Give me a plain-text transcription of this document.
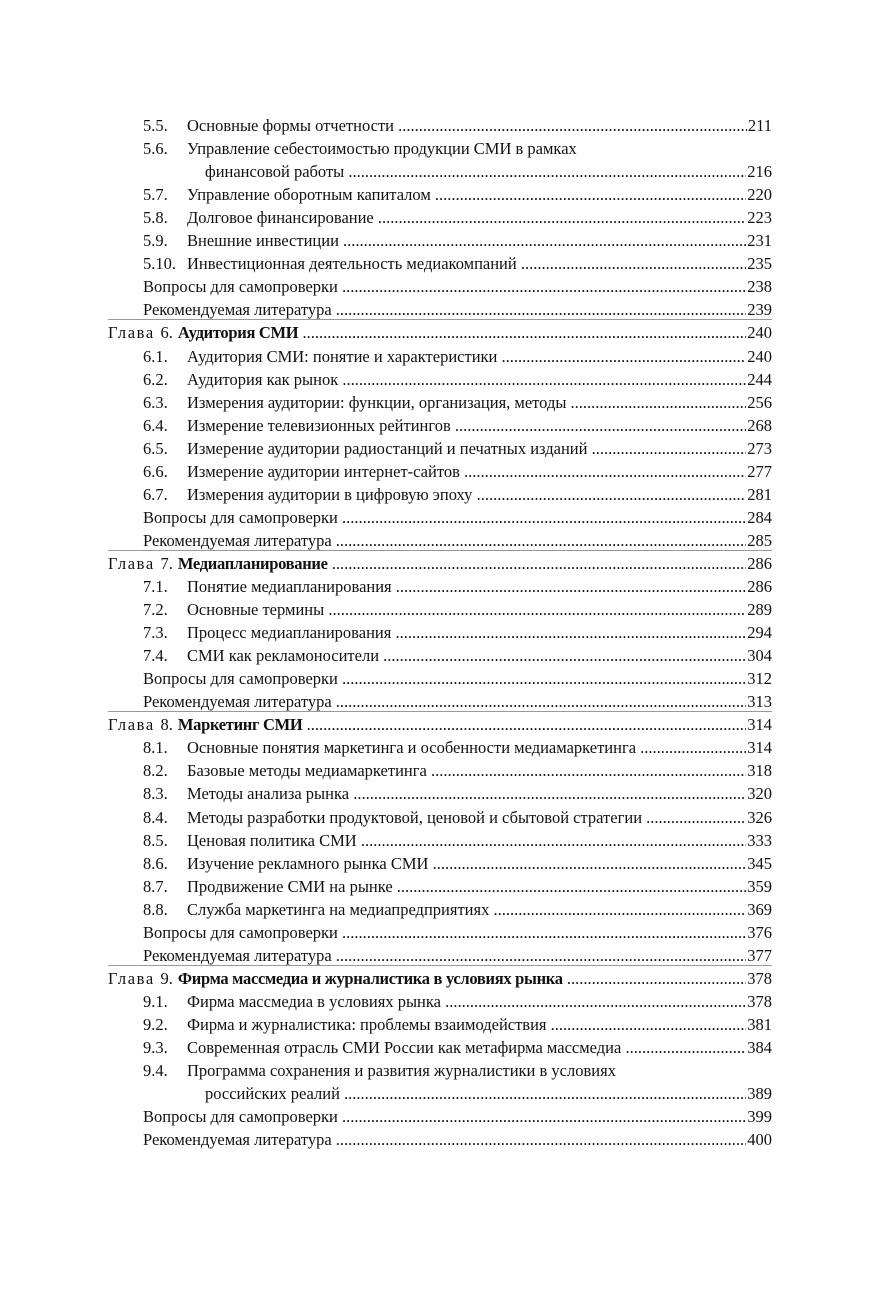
5.5. Основные формы отчетности .....	211
5.6. Управление себестоимостью продукции СМИ в рамках
финансовой работы .....	216
5.7. Управление оборотным капиталом .....	220
5.8. Долговое финансирование .....	223
5.9. Внешние инвестиции .....	231
5.10. Инвестиционная деятельность медиакомпаний .....	235
Вопросы для самопроверки .....	238
Рекомендуемая литература .....	239
Глава 6. Аудитория СМИ .....	240
6.1. Аудитория СМИ: понятие и характеристики .....	240
6.2. Аудитория как рынок .....	244
6.3. Измерения аудитории: функции, организация, методы .....	256
6.4. Измерение телевизионных рейтингов .....	268
6.5. Измерение аудитории радиостанций и печатных изданий .....	273
6.6. Измерение аудитории интернет-сайтов .....	277
6.7. Измерения аудитории в цифровую эпоху .....	281
Вопросы для самопроверки .....	284
Рекомендуемая литература .....	285
Глава 7. Медиапланирование .....	286
7.1. Понятие медиапланирования .....	286
7.2. Основные термины .....	289
7.3. Процесс медиапланирования .....	294
7.4. СМИ как рекламоносители .....	304
Вопросы для самопроверки .....	312
Рекомендуемая литература .....	313
Глава 8. Маркетинг СМИ .....	314
8.1. Основные понятия маркетинга и особенности медиамаркетинга .....	314
8.2. Базовые методы медиамаркетинга .....	318
8.3. Методы анализа рынка .....	320
8.4. Методы разработки продуктовой, ценовой и сбытовой стратегии .....	326
8.5. Ценовая политика СМИ .....	333
8.6. Изучение рекламного рынка СМИ .....	345
8.7. Продвижение СМИ на рынке .....	359
8.8. Служба маркетинга на медиапредприятиях .....	369
Вопросы для самопроверки .....	376
Рекомендуемая литература .....	377
Глава 9. Фирма массмедиа и журналистика в условиях рынка .....	378
9.1. Фирма массмедиа в условиях рынка .....	378
9.2. Фирма и журналистика: проблемы взаимодействия .....	381
9.3. Современная отрасль СМИ России как метафирма массмедиа .....	384
9.4. Программа сохранения и развития журналистики в условиях
российских реалий .....	389
Вопросы для самопроверки .....	399
Рекомендуемая литература .....	400
